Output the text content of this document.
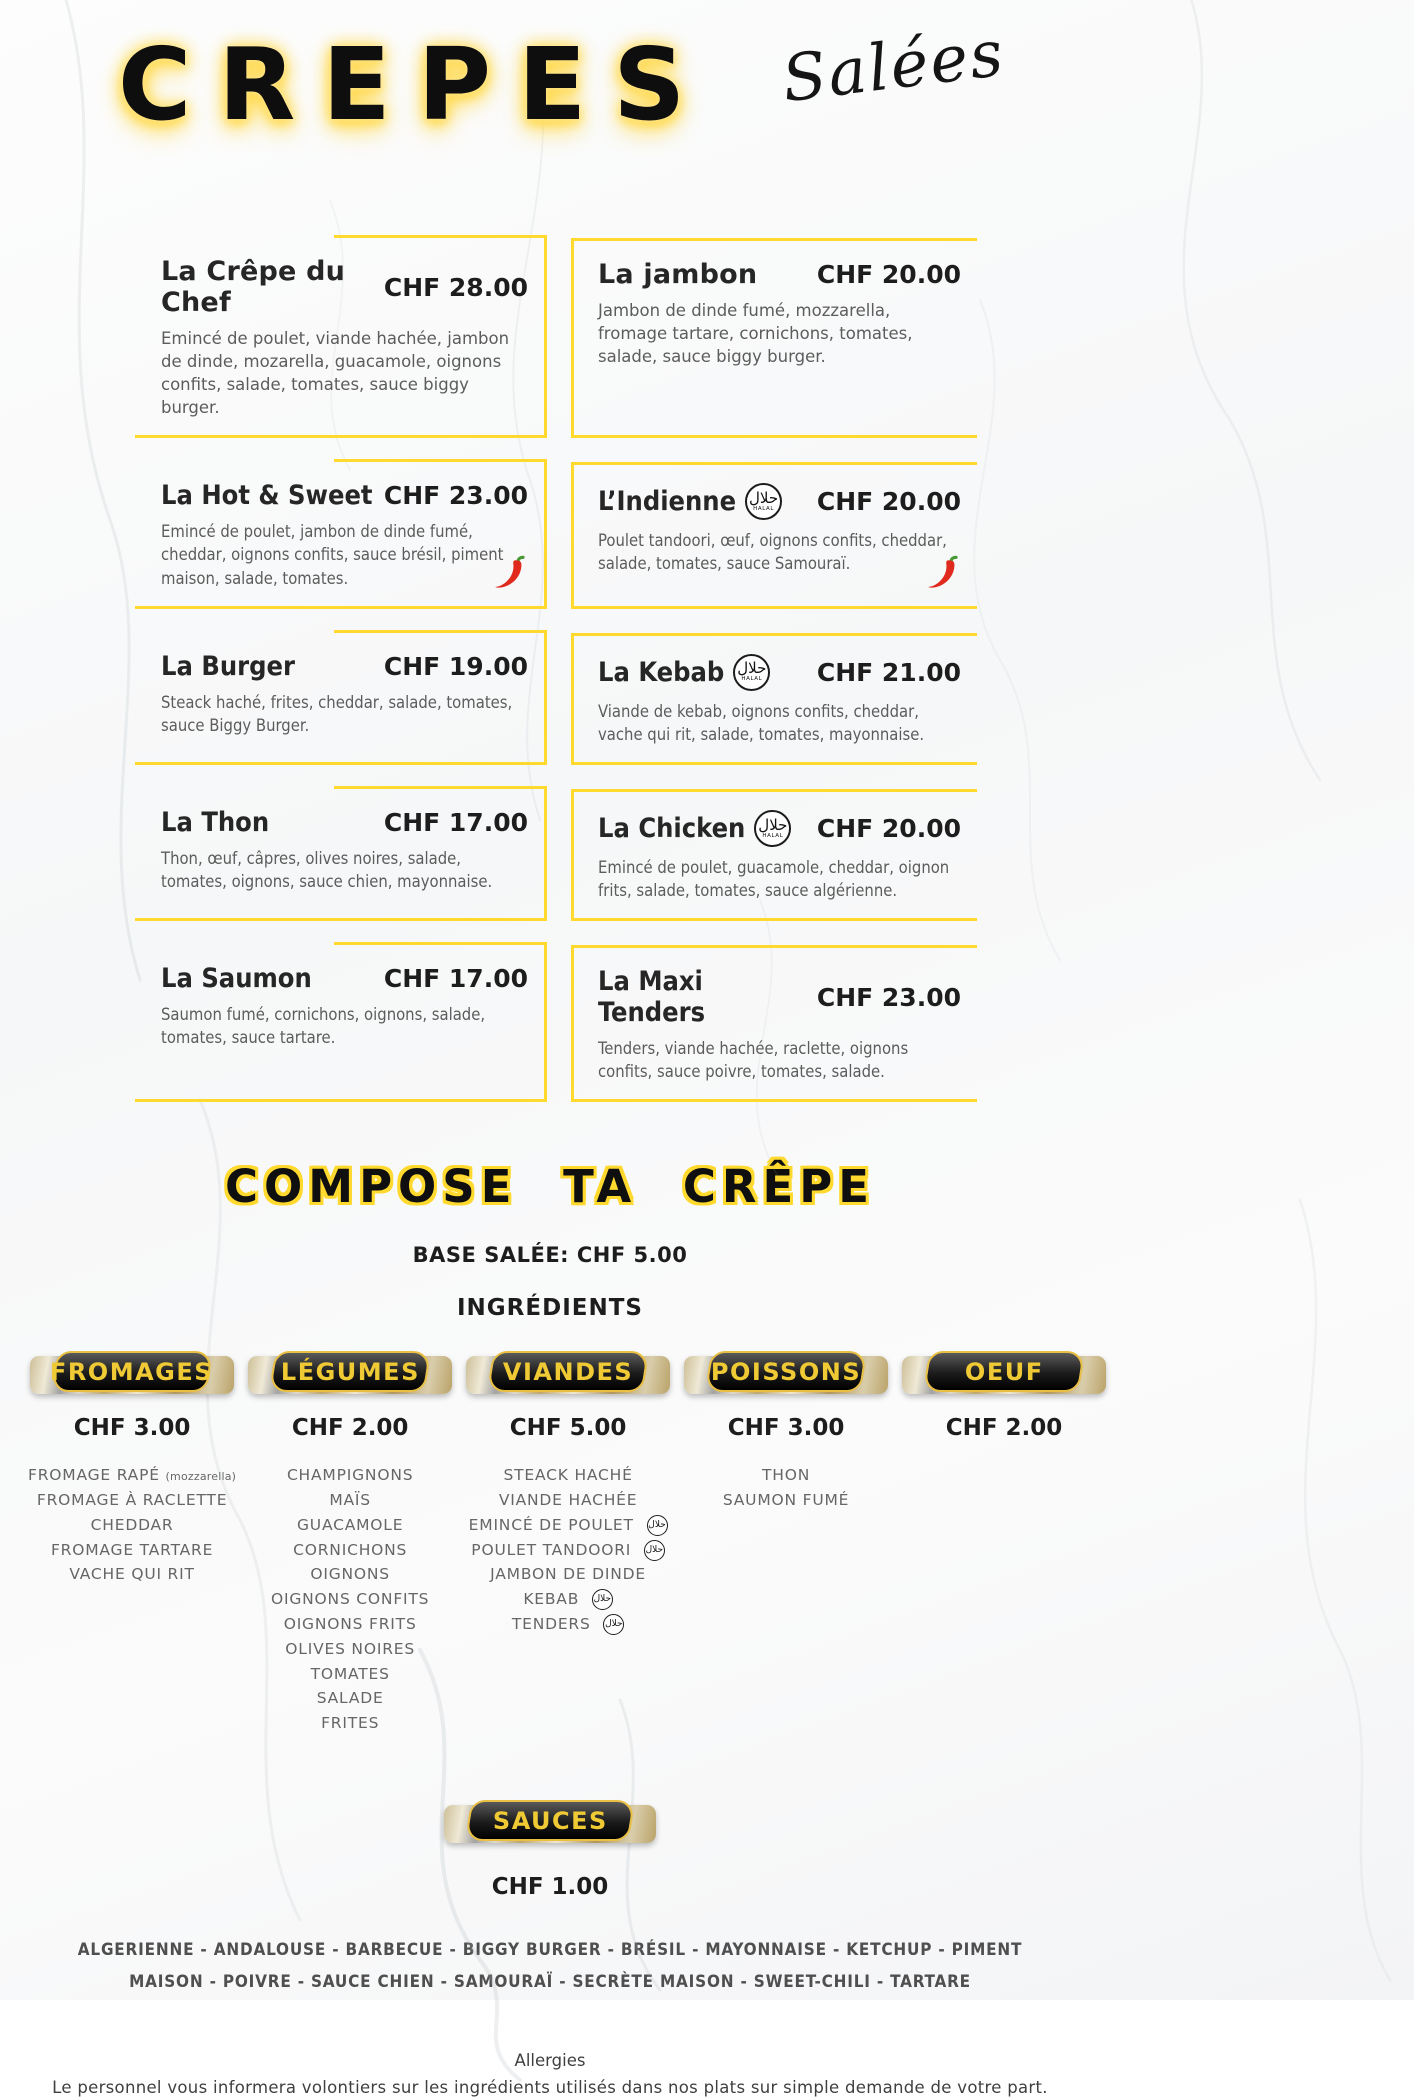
CREPES Salées
La Crêpe du Chef	CHF 28.00
Emincé de poulet, viande hachée, jambon de dinde, mozarella, guacamole, oignons confits, salade, tomates, sauce biggy burger.
La jambon CHF 20.00
Jambon de dinde fumé, mozzarella, fromage tartare, cornichons, tomates, salade, sauce biggy burger.
La Hot & Sweet CHF 23.00
Emincé de poulet, jambon de dinde fumé, cheddar, oignons confits, sauce brésil, piment maison, salade, tomates.
L’Indienne حلال
HALAL CHF 20.00
Poulet tandoori, œuf, oignons confits, cheddar, salade, tomates, sauce Samouraï.
La Burger	CHF 19.00
Steack haché, frites, cheddar, salade, tomates, sauce Biggy Burger.
La Kebab حلال
HALAL CHF 21.00
Viande de kebab, oignons confits, cheddar, vache qui rit, salade, tomates, mayonnaise.
La Thon	CHF 17.00
Thon, œuf, câpres, olives noires, salade, tomates, oignons, sauce chien, mayonnaise.
La Chicken حلال
HALAL CHF 20.00
Emincé de poulet, guacamole, cheddar, oignon frits, salade, tomates, sauce algérienne.
La Saumon	CHF 17.00
Saumon fumé, cornichons, oignons, salade, tomates, sauce tartare.
La Maxi Tenders	CHF 23.00
Tenders, viande hachée, raclette, oignons confits, sauce poivre, tomates, salade.
COMPOSE TA CRÊPE
BASE SALÉE: CHF 5.00
INGRÉDIENTS
FROMAGES
CHF 3.00
FROMAGE RAPÉ (mozzarella)
FROMAGE À RACLETTE
CHEDDAR
FROMAGE TARTARE
VACHE QUI RIT
LÉGUMES
CHF 2.00
CHAMPIGNONS
MAÏS
GUACAMOLE
CORNICHONS
OIGNONS
OIGNONS CONFITS
OIGNONS FRITS
OLIVES NOIRES
TOMATES
SALADE
FRITES
VIANDES
CHF 5.00
STEACK HACHÉ
VIANDE HACHÉE
EMINCÉ DE POULET حلال
POULET TANDOORI حلال
JAMBON DE DINDE
KEBAB حلال
TENDERS حلال
POISSONS
CHF 3.00
THON
SAUMON FUMÉ
OEUF
CHF 2.00
SAUCES
CHF 1.00
ALGERIENNE - ANDALOUSE - BARBECUE - BIGGY BURGER - BRÉSIL - MAYONNAISE - KETCHUP - PIMENT MAISON - POIVRE - SAUCE CHIEN - SAMOURAÏ - SECRÈTE MAISON - SWEET-CHILI - TARTARE
Allergies
Le personnel vous informera volontiers sur les ingrédients utilisés dans nos plats sur simple demande de votre part.
